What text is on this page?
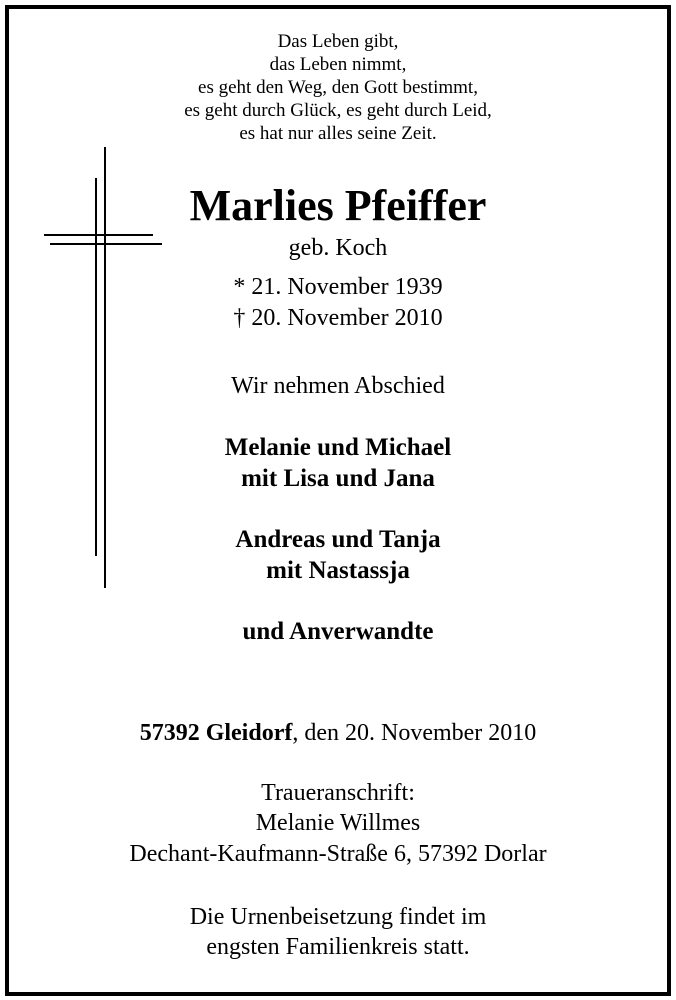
Das Leben gibt,
das Leben nimmt,
es geht den Weg, den Gott bestimmt,
es geht durch Glück, es geht durch Leid,
es hat nur alles seine Zeit.
Marlies Pfeiffer
geb. Koch
* 21. November 1939
† 20. November 2010
Wir nehmen Abschied
Melanie und Michael
mit Lisa und Jana
Andreas und Tanja
mit Nastassja
und Anverwandte
57392 Gleidorf, den 20. November 2010
Traueranschrift:
Melanie Willmes
Dechant-Kaufmann-Straße 6, 57392 Dorlar
Die Urnenbeisetzung findet im
engsten Familienkreis statt.
